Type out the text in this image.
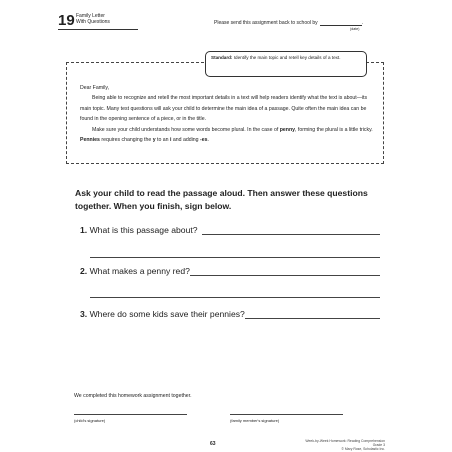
19 Family Letter
With Questions	Please send this assignment back to school by	.
(date)
Standard: Identify the main topic and retell key details of a text.

Dear Family,

Being able to recognize and retell the most important details in a text will help readers identify what the text is about—its main topic. Many test questions will ask your child to determine the main idea of a passage. Quite often the main idea can be found in the opening sentence of a piece, or in the title.

Make sure your child understands how some words become plural. In the case of penny, forming the plural is a little tricky. Pennies requires changing the y to an i and adding -es.

Ask your child to read the passage aloud. Then answer these questions together. When you finish, sign below.
1. What is this passage about?
2. What makes a penny red?
3. Where do some kids save their pennies?
We completed this homework assignment together.
(child's signature)	(family member's signature)
63	Week-by-Week Homework: Reading Comprehension Grade 3
© Mary Rose, Scholastic Inc.
